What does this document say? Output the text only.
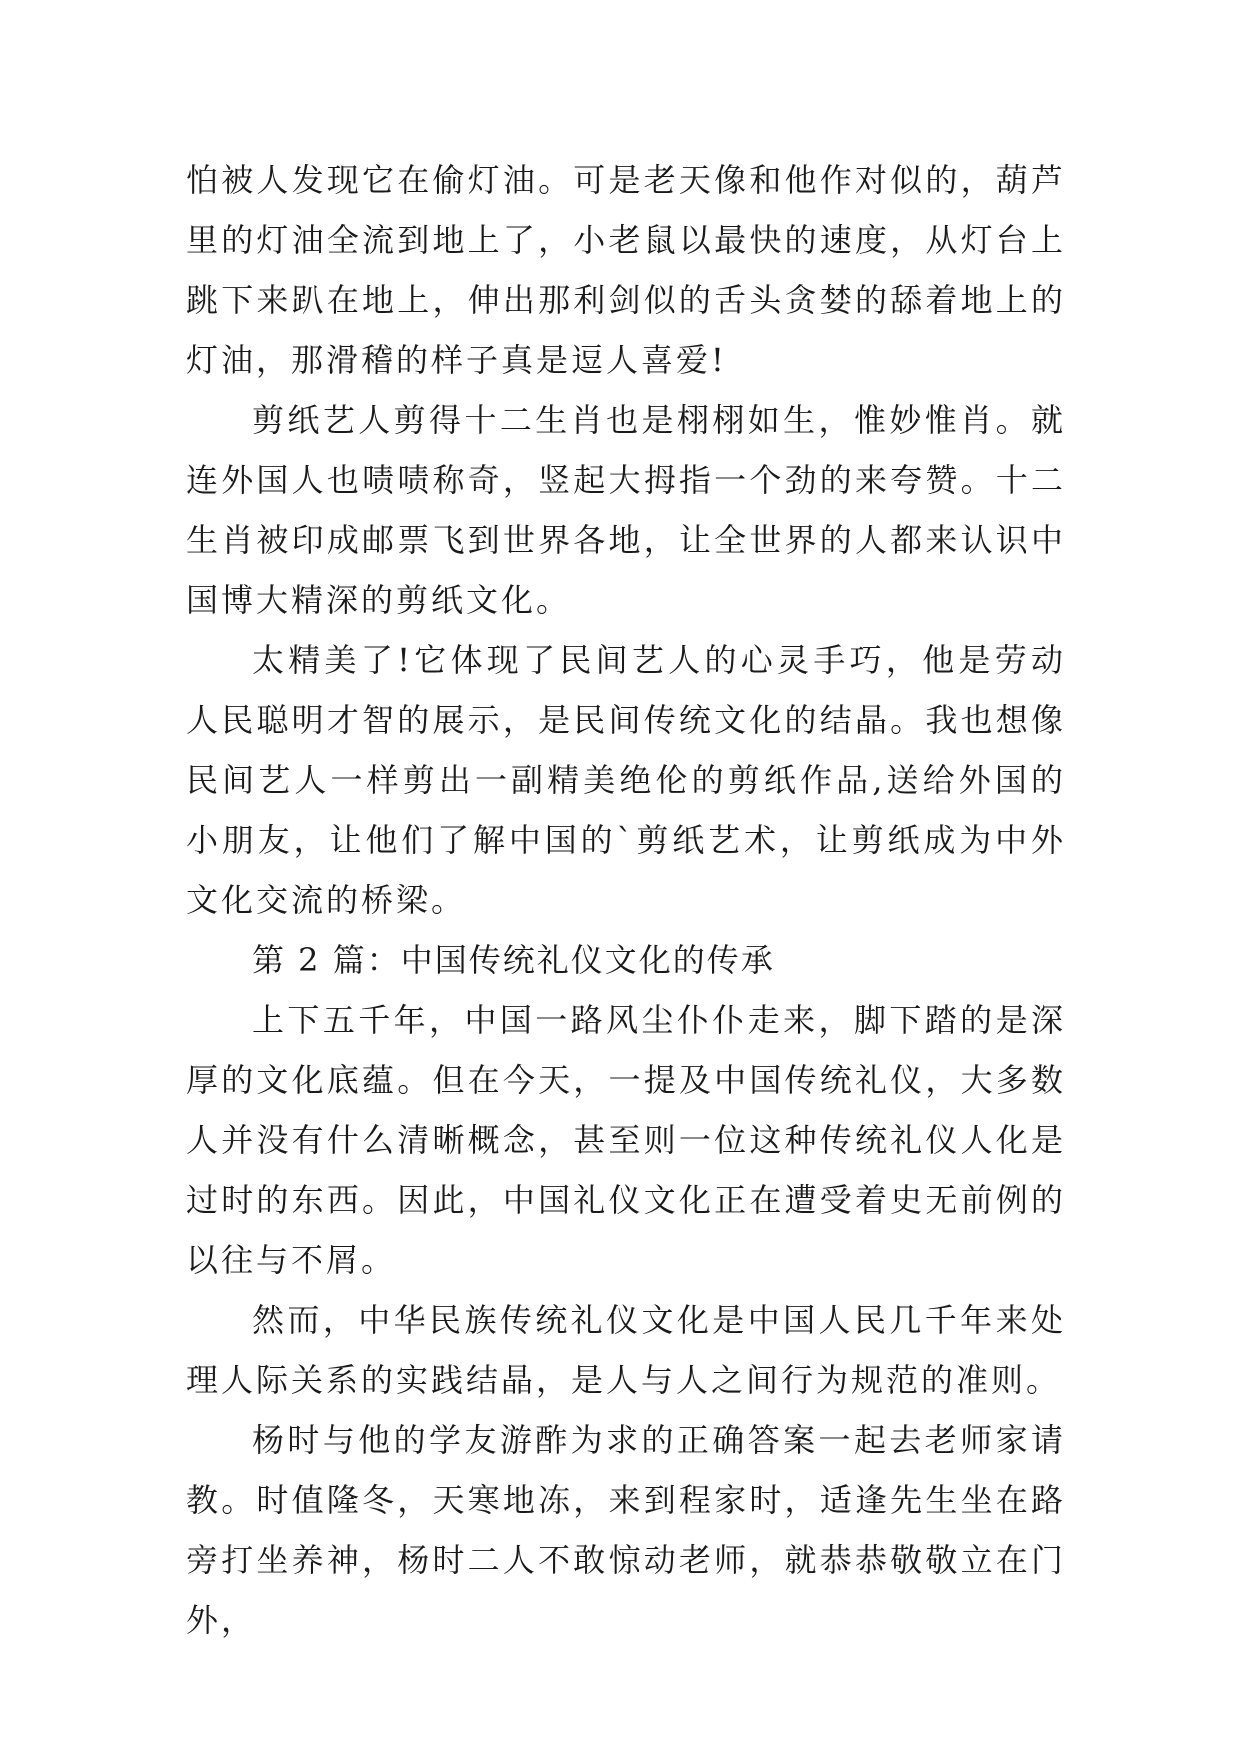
怕被人发现它在偷灯油。可是老天像和他作对似的，葫芦里的灯油全流到地上了，小老鼠以最快的速度，从灯台上跳下来趴在地上，伸出那利剑似的舌头贪婪的舔着地上的灯油，那滑稽的样子真是逗人喜爱!

剪纸艺人剪得十二生肖也是栩栩如生，惟妙惟肖。就连外国人也啧啧称奇，竖起大拇指一个劲的来夸赞。十二生肖被印成邮票飞到世界各地，让全世界的人都来认识中国博大精深的剪纸文化。

太精美了!它体现了民间艺人的心灵手巧，他是劳动人民聪明才智的展示，是民间传统文化的结晶。我也想像民间艺人一样剪出一副精美绝伦的剪纸作品,送给外国的小朋友，让他们了解中国的`剪纸艺术，让剪纸成为中外文化交流的桥梁。

第 2 篇：中国传统礼仪文化的传承

上下五千年，中国一路风尘仆仆走来，脚下踏的是深厚的文化底蕴。但在今天，一提及中国传统礼仪，大多数人并没有什么清晰概念，甚至则一位这种传统礼仪人化是过时的东西。因此，中国礼仪文化正在遭受着史无前例的以往与不屑。

然而，中华民族传统礼仪文化是中国人民几千年来处理人际关系的实践结晶，是人与人之间行为规范的准则。

杨时与他的学友游酢为求的正确答案一起去老师家请教。时值隆冬，天寒地冻，来到程家时，适逢先生坐在路旁打坐养神，杨时二人不敢惊动老师，就恭恭敬敬立在门外，
